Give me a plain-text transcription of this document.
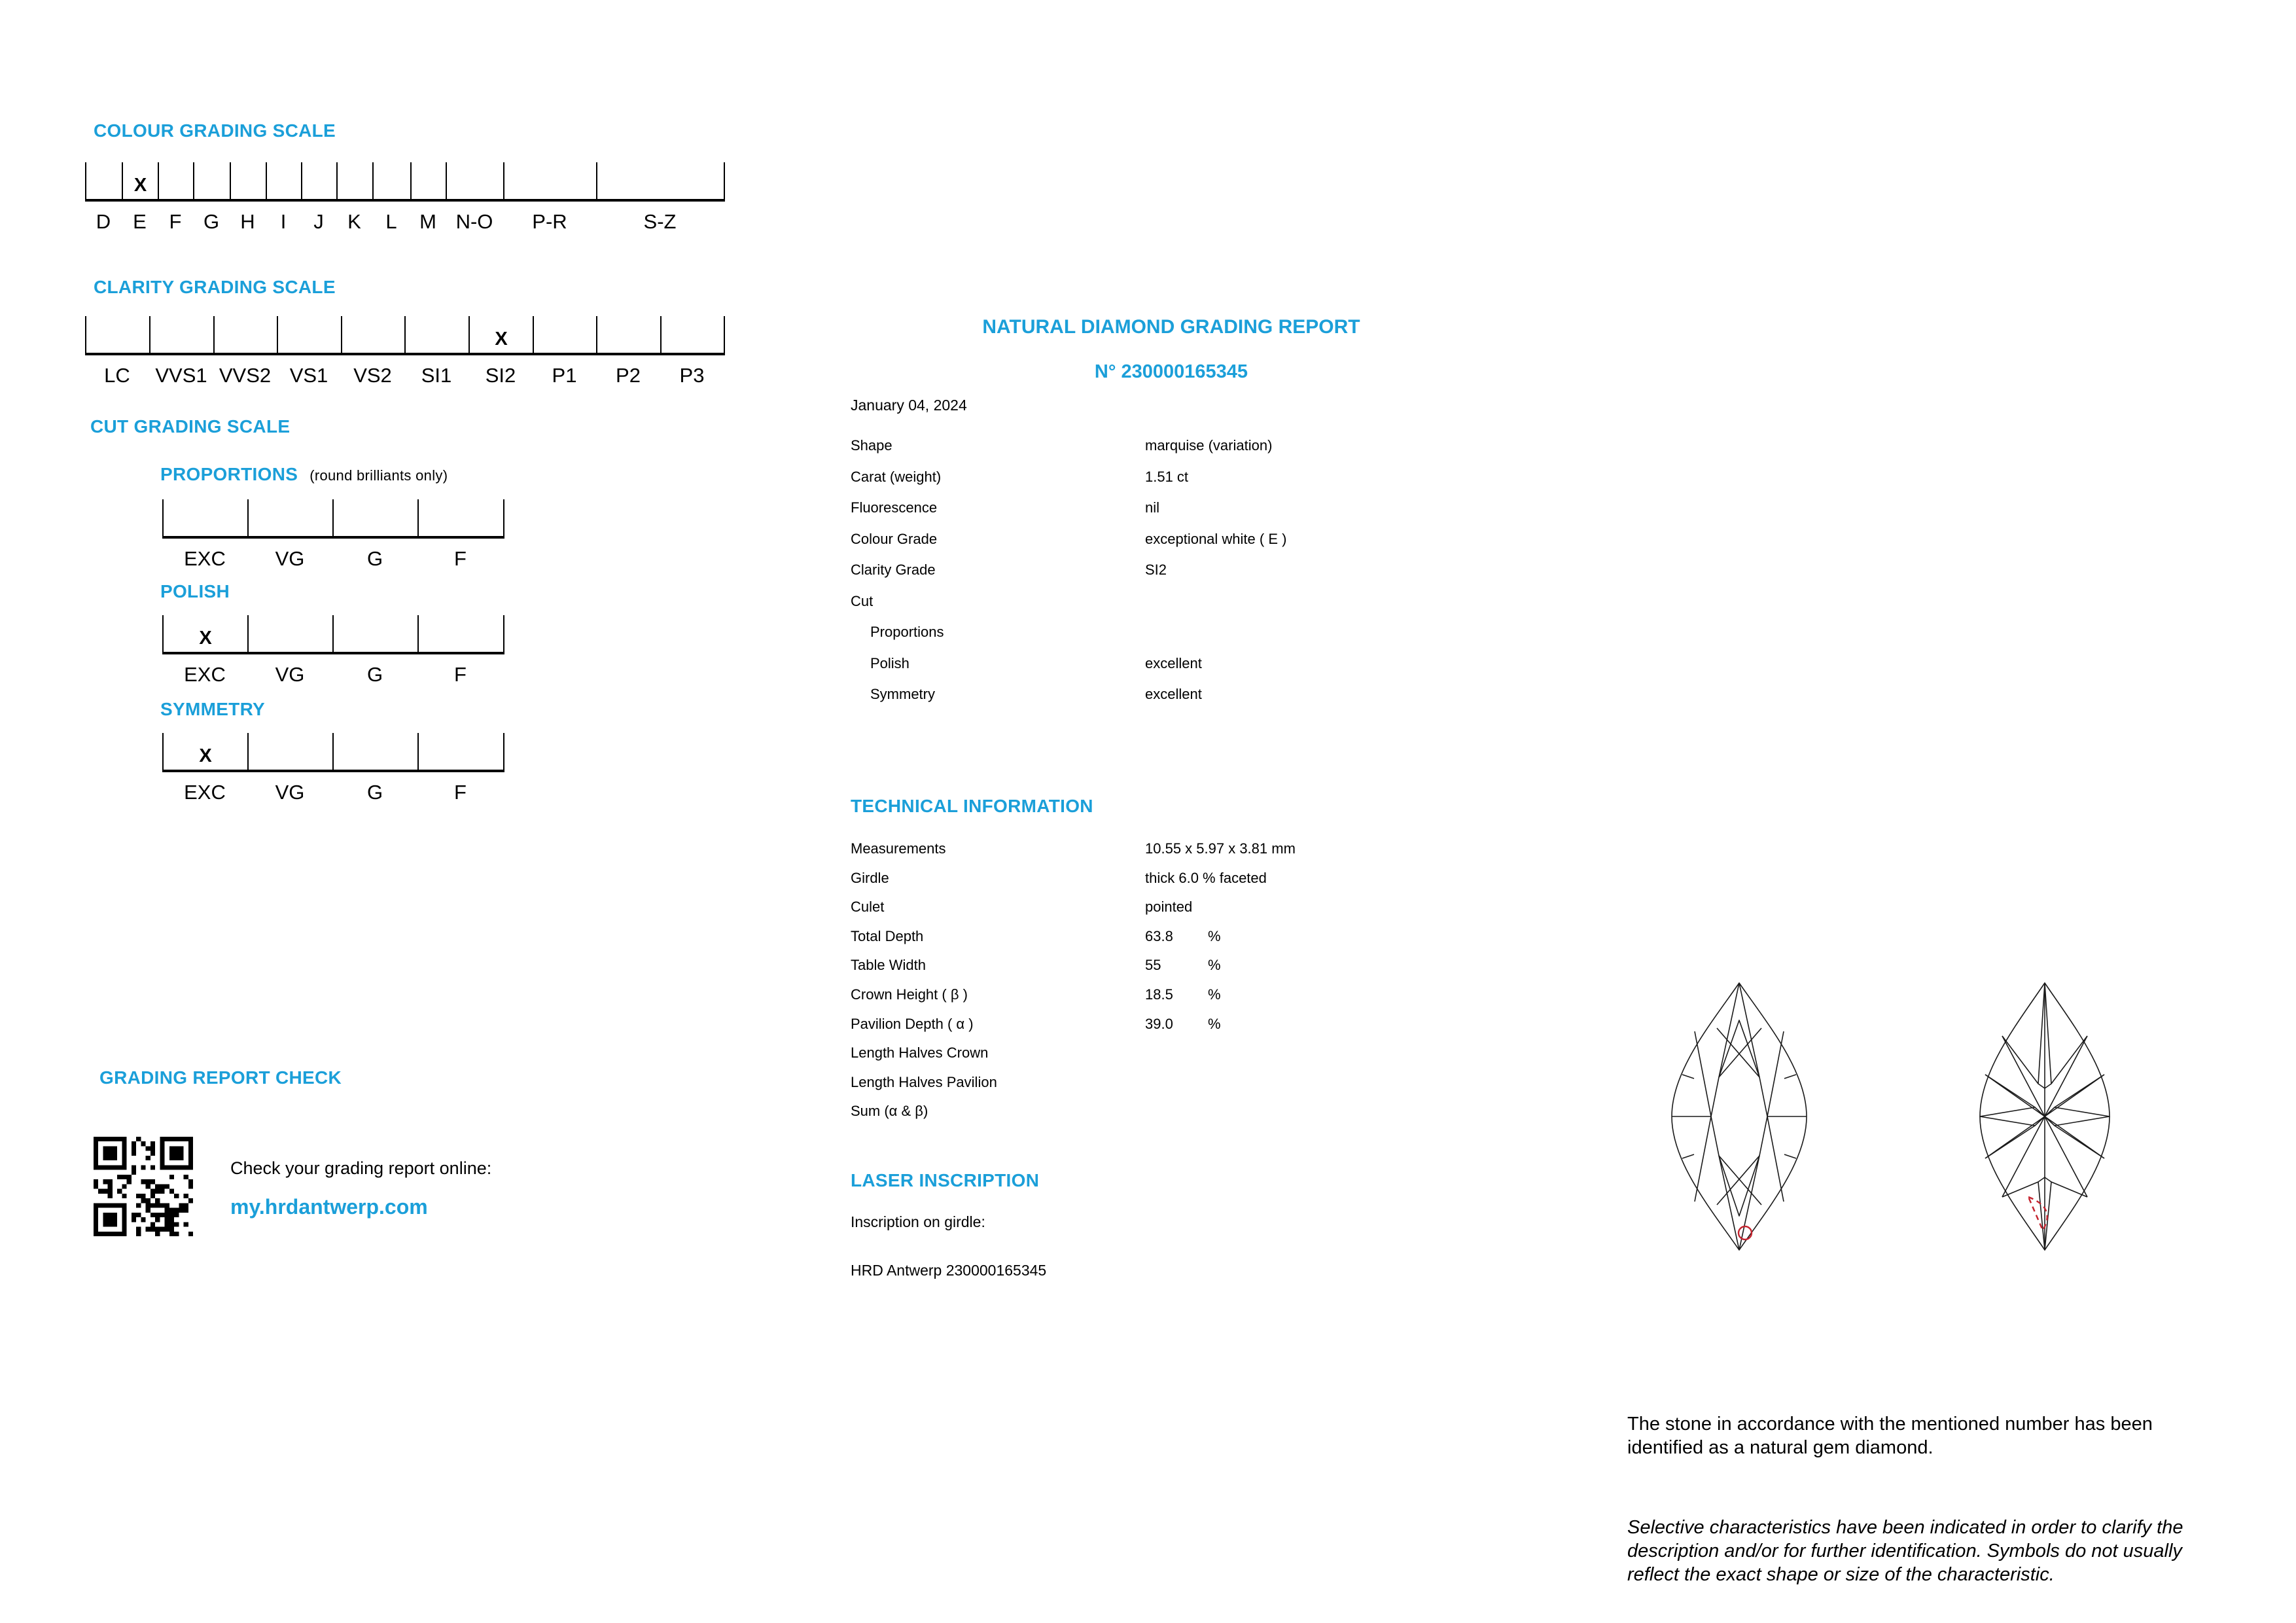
COLOUR GRADING SCALE
X
D	E	F	G	H	I	J	K	L	M N-O	P-R	S-Z
CLARITY GRADING SCALE
X
LC	VVS1 VVS2 VS1	VS2	SI1	SI2	P1	P2	P3
CUT GRADING SCALE
PROPORTIONS (round brilliants only)
EXC	VG	G	F
POLISH
X
EXC	VG	G	F
SYMMETRY
X
EXC	VG	G	F
GRADING REPORT CHECK
Check your grading report online:
my.hrdantwerp.com
NATURAL DIAMOND GRADING REPORT
N° 230000165345
January 04, 2024
Shape	marquise (variation)
Carat (weight)	1.51 ct
Fluorescence	nil
Colour Grade	exceptional white ( E )
Clarity Grade	SI2
Cut
Proportions
Polish	excellent
Symmetry	excellent
TECHNICAL INFORMATION
Measurements	10.55 x 5.97 x 3.81 mm
Girdle	thick 6.0 % faceted
Culet	pointed
Total Depth	63.8 %
Table Width	55	%
Crown Height ( β )	18.5 %
Pavilion Depth ( α )	39.0 %
Length Halves Crown
Length Halves Pavilion
Sum (α & β)
LASER INSCRIPTION
Inscription on girdle:
HRD Antwerp 230000165345
The stone in accordance with the mentioned number has been
identified as a natural gem diamond.
Selective characteristics have been indicated in order to clarify the
description and/or for further identification. Symbols do not usually
reflect the exact shape or size of the characteristic.
